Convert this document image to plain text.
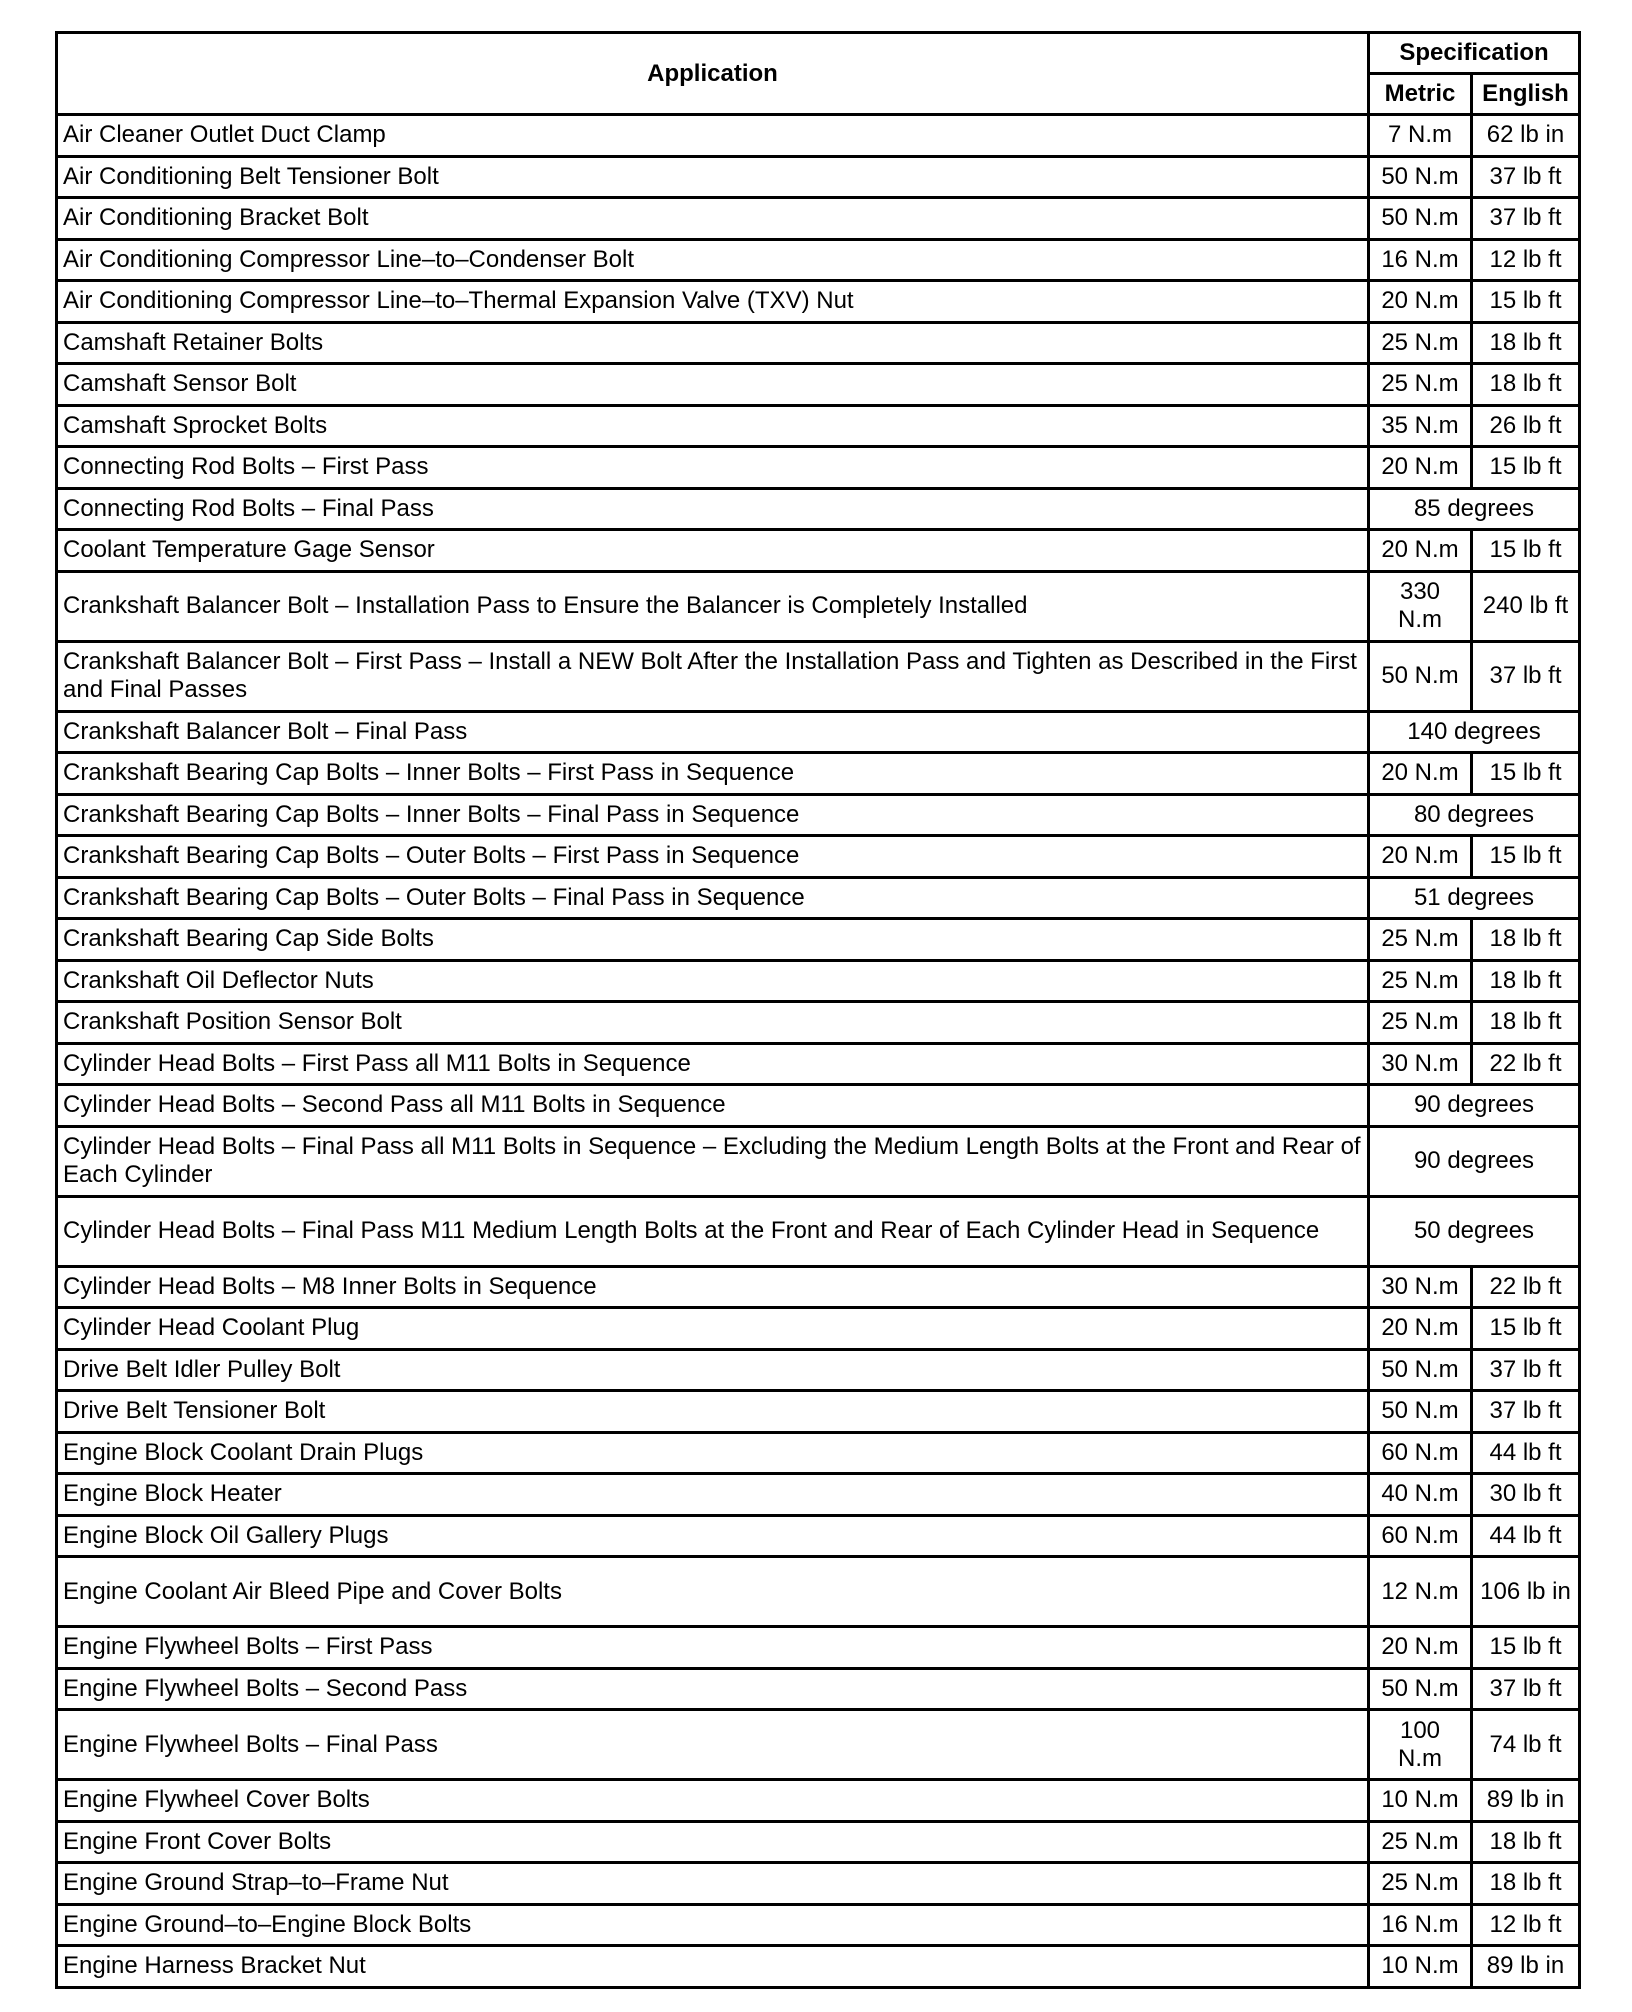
Application	Specification	
	Metric	English
Air Cleaner Outlet Duct Clamp	7 N.m	62 lb in
Air Conditioning Belt Tensioner Bolt	50 N.m	37 lb ft
Air Conditioning Bracket Bolt	50 N.m	37 lb ft
Air Conditioning Compressor Line–to–Condenser Bolt	16 N.m	12 lb ft
Air Conditioning Compressor Line–to–Thermal Expansion Valve (TXV) Nut	20 N.m	15 lb ft
Camshaft Retainer Bolts	25 N.m	18 lb ft
Camshaft Sensor Bolt	25 N.m	18 lb ft
Camshaft Sprocket Bolts	35 N.m	26 lb ft
Connecting Rod Bolts – First Pass	20 N.m	15 lb ft
Connecting Rod Bolts – Final Pass	85 degrees	
Coolant Temperature Gage Sensor	20 N.m	15 lb ft
Crankshaft Balancer Bolt – Installation Pass to Ensure the Balancer is Completely Installed	330 N.m	240 lb ft
Crankshaft Balancer Bolt – First Pass – Install a NEW Bolt After the Installation Pass and Tighten as Described in the First and Final Passes	50 N.m	37 lb ft
Crankshaft Balancer Bolt – Final Pass	140 degrees	
Crankshaft Bearing Cap Bolts – Inner Bolts – First Pass in Sequence	20 N.m	15 lb ft
Crankshaft Bearing Cap Bolts – Inner Bolts – Final Pass in Sequence	80 degrees	
Crankshaft Bearing Cap Bolts – Outer Bolts – First Pass in Sequence	20 N.m	15 lb ft
Crankshaft Bearing Cap Bolts – Outer Bolts – Final Pass in Sequence	51 degrees	
Crankshaft Bearing Cap Side Bolts	25 N.m	18 lb ft
Crankshaft Oil Deflector Nuts	25 N.m	18 lb ft
Crankshaft Position Sensor Bolt	25 N.m	18 lb ft
Cylinder Head Bolts – First Pass all M11 Bolts in Sequence	30 N.m	22 lb ft
Cylinder Head Bolts – Second Pass all M11 Bolts in Sequence	90 degrees	
Cylinder Head Bolts – Final Pass all M11 Bolts in Sequence – Excluding the Medium Length Bolts at the Front and Rear of Each Cylinder	90 degrees	
Cylinder Head Bolts – Final Pass M11 Medium Length Bolts at the Front and Rear of Each Cylinder Head in Sequence	50 degrees	
Cylinder Head Bolts – M8 Inner Bolts in Sequence	30 N.m	22 lb ft
Cylinder Head Coolant Plug	20 N.m	15 lb ft
Drive Belt Idler Pulley Bolt	50 N.m	37 lb ft
Drive Belt Tensioner Bolt	50 N.m	37 lb ft
Engine Block Coolant Drain Plugs	60 N.m	44 lb ft
Engine Block Heater	40 N.m	30 lb ft
Engine Block Oil Gallery Plugs	60 N.m	44 lb ft
Engine Coolant Air Bleed Pipe and Cover Bolts	12 N.m	106 lb in
Engine Flywheel Bolts – First Pass	20 N.m	15 lb ft
Engine Flywheel Bolts – Second Pass	50 N.m	37 lb ft
Engine Flywheel Bolts – Final Pass	100 N.m	74 lb ft
Engine Flywheel Cover Bolts	10 N.m	89 lb in
Engine Front Cover Bolts	25 N.m	18 lb ft
Engine Ground Strap–to–Frame Nut	25 N.m	18 lb ft
Engine Ground–to–Engine Block Bolts	16 N.m	12 lb ft
Engine Harness Bracket Nut	10 N.m	89 lb in
